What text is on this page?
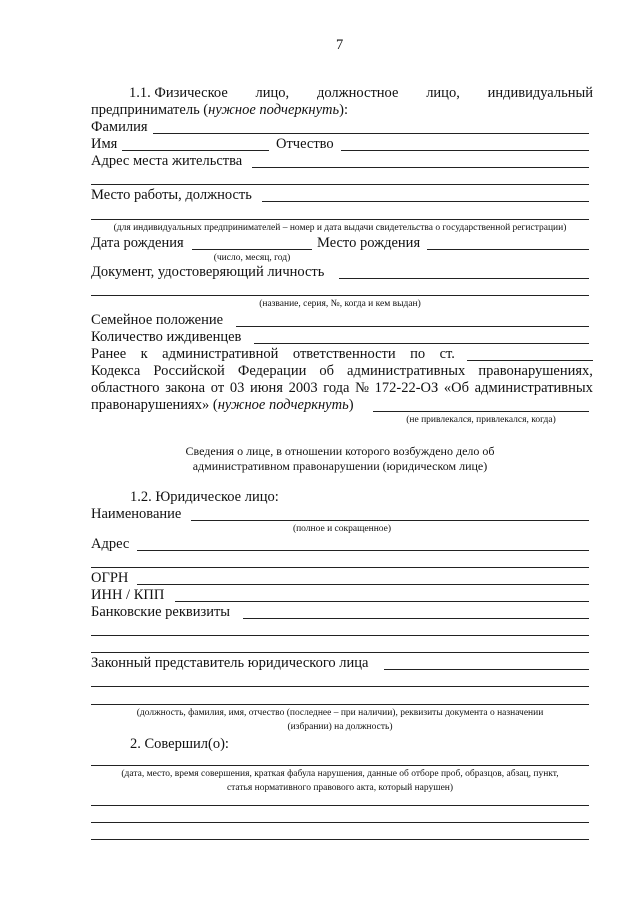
7
1.1. Физическое лицо, должностное лицо, индивидуальный
предприниматель (нужное подчеркнуть):
Фамилия
Имя	Отчество
Адрес места жительства
Место работы, должность
(для индивидуальных предпринимателей – номер и дата выдачи свидетельства о государственной регистрации)
Дата рождения	Место рождения
(число, месяц, год)
Документ, удостоверяющий личность
(название, серия, №, когда и кем выдан)
Семейное положение
Количество иждивенцев
Ранее к административной ответственности по ст.
Кодекса Российской Федерации об административных правонарушениях,
областного закона от 03 июня 2003 года № 172-22-ОЗ «Об административных
правонарушениях» (нужное подчеркнуть)
(не привлекался, привлекался, когда)
Сведения о лице, в отношении которого возбуждено дело об
административном правонарушении (юридическом лице)
1.2. Юридическое лицо:
Наименование
(полное и сокращенное)
Адрес
ОГРН
ИНН / КПП
Банковские реквизиты
Законный представитель юридического лица
(должность, фамилия, имя, отчество (последнее – при наличии), реквизиты документа о назначении
(избрании) на должность)
2. Совершил(о):
(дата, место, время совершения, краткая фабула нарушения, данные об отборе проб, образцов, абзац, пункт,
статья нормативного правового акта, который нарушен)
